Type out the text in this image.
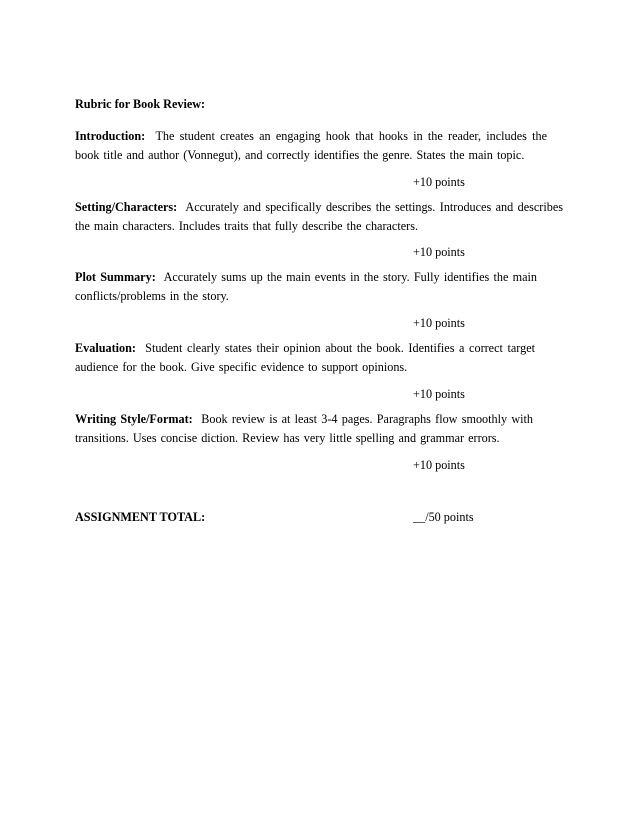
Rubric for Book Review:

Introduction: The student creates an engaging hook that hooks in the reader, includes the book title and author (Vonnegut), and correctly identifies the genre. States the main topic.

+10 points

Setting/Characters: Accurately and specifically describes the settings. Introduces and describes the main characters. Includes traits that fully describe the characters.

+10 points

Plot Summary: Accurately sums up the main events in the story. Fully identifies the main conflicts/problems in the story.

+10 points

Evaluation: Student clearly states their opinion about the book. Identifies a correct target audience for the book. Give specific evidence to support opinions.

+10 points

Writing Style/Format: Book review is at least 3-4 pages. Paragraphs flow smoothly with transitions. Uses concise diction. Review has very little spelling and grammar errors.

+10 points
ASSIGNMENT TOTAL:	__/50 points
